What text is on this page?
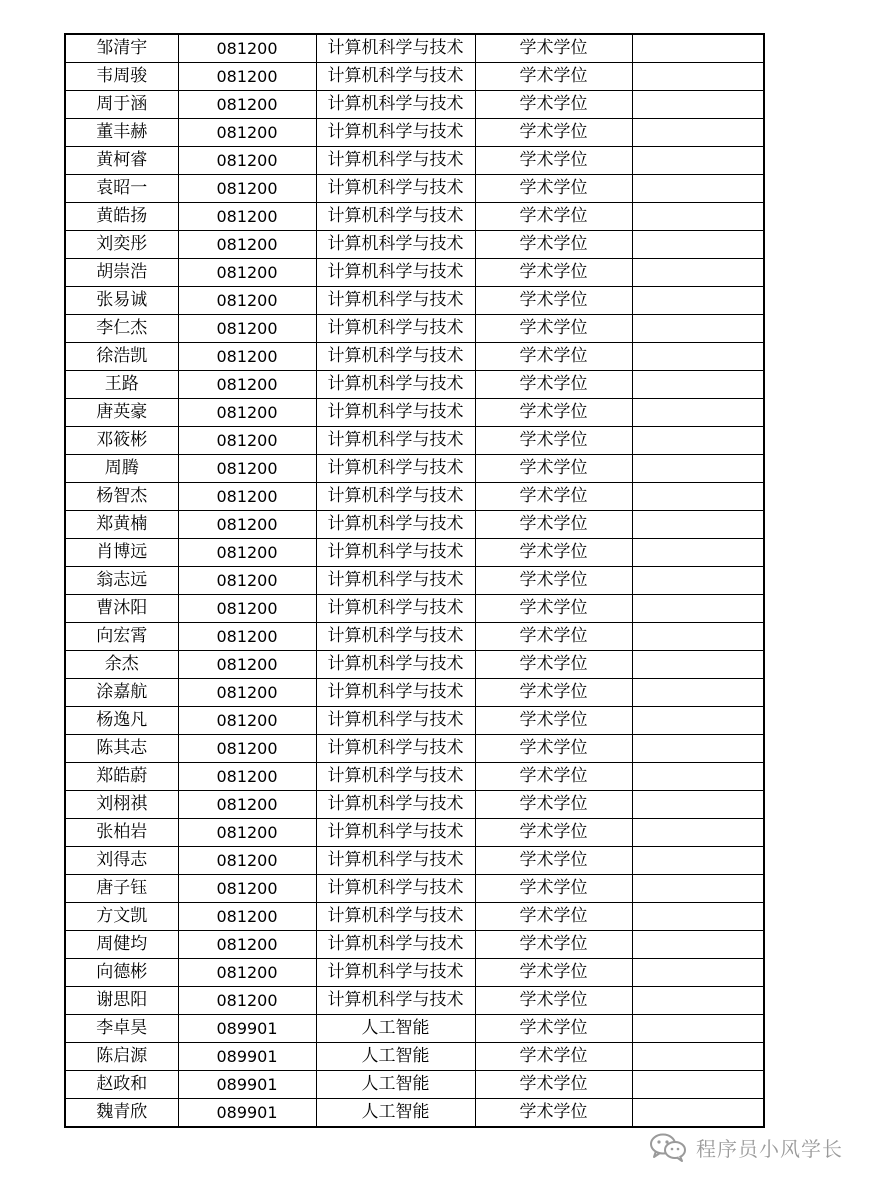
邹清宇	081200	计算机科学与技术	学术学位	
韦周骏	081200	计算机科学与技术	学术学位	
周于涵	081200	计算机科学与技术	学术学位	
董丰赫	081200	计算机科学与技术	学术学位	
黄柯睿	081200	计算机科学与技术	学术学位	
袁昭一	081200	计算机科学与技术	学术学位	
黄皓扬	081200	计算机科学与技术	学术学位	
刘奕彤	081200	计算机科学与技术	学术学位	
胡崇浩	081200	计算机科学与技术	学术学位	
张易诚	081200	计算机科学与技术	学术学位	
李仁杰	081200	计算机科学与技术	学术学位	
徐浩凯	081200	计算机科学与技术	学术学位	
王路	081200	计算机科学与技术	学术学位	
唐英豪	081200	计算机科学与技术	学术学位	
邓筱彬	081200	计算机科学与技术	学术学位	
周腾	081200	计算机科学与技术	学术学位	
杨智杰	081200	计算机科学与技术	学术学位	
郑黄楠	081200	计算机科学与技术	学术学位	
肖博远	081200	计算机科学与技术	学术学位	
翁志远	081200	计算机科学与技术	学术学位	
曹沐阳	081200	计算机科学与技术	学术学位	
向宏霄	081200	计算机科学与技术	学术学位	
余杰	081200	计算机科学与技术	学术学位	
涂嘉航	081200	计算机科学与技术	学术学位	
杨逸凡	081200	计算机科学与技术	学术学位	
陈其志	081200	计算机科学与技术	学术学位	
郑皓蔚	081200	计算机科学与技术	学术学位	
刘栩祺	081200	计算机科学与技术	学术学位	
张柏岩	081200	计算机科学与技术	学术学位	
刘得志	081200	计算机科学与技术	学术学位	
唐子钰	081200	计算机科学与技术	学术学位	
方文凯	081200	计算机科学与技术	学术学位	
周健均	081200	计算机科学与技术	学术学位	
向德彬	081200	计算机科学与技术	学术学位	
谢思阳	081200	计算机科学与技术	学术学位	
李卓昊	089901	人工智能	学术学位	
陈启源	089901	人工智能	学术学位	
赵政和	089901	人工智能	学术学位	
魏青欣	089901	人工智能	学术学位	
程序员小风学长
